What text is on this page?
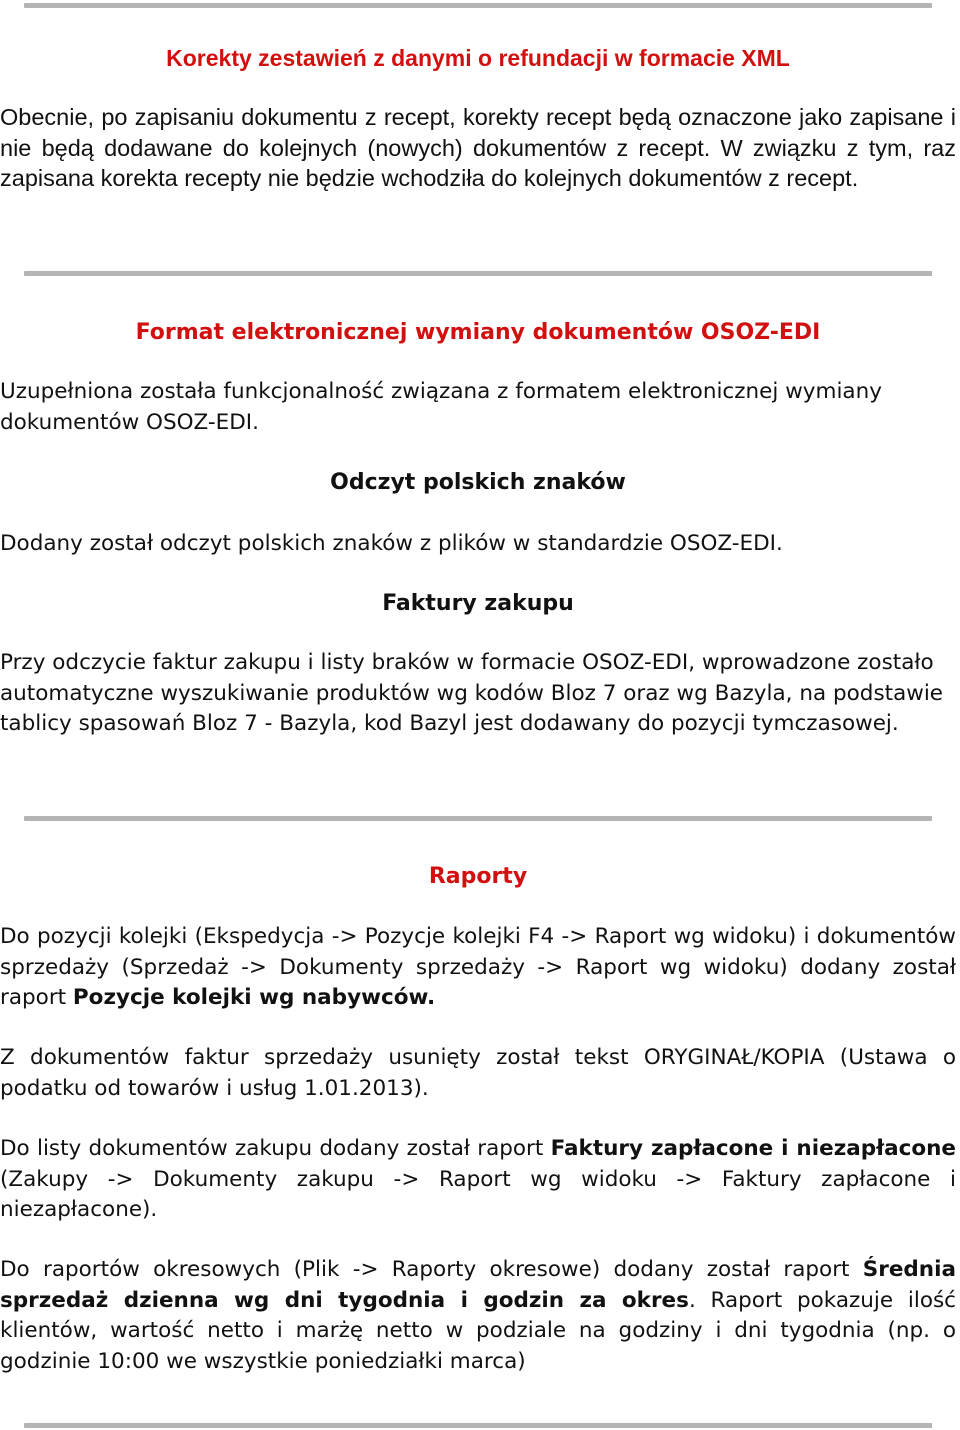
Korekty zestawień z danymi o refundacji w formacie XML

Obecnie, po zapisaniu dokumentu z recept, korekty recept będą oznaczone jako zapisane i nie będą dodawane do kolejnych (nowych) dokumentów z recept. W związku z tym, raz zapisana korekta recepty nie będzie wchodziła do kolejnych dokumentów z recept.

Format elektronicznej wymiany dokumentów OSOZ-EDI

Uzupełniona została funkcjonalność związana z formatem elektronicznej wymiany dokumentów OSOZ-EDI.

Odczyt polskich znaków

Dodany został odczyt polskich znaków z plików w standardzie OSOZ-EDI.

Faktury zakupu

Przy odczycie faktur zakupu i listy braków w formacie OSOZ-EDI, wprowadzone zostało automatyczne wyszukiwanie produktów wg kodów Bloz 7 oraz wg Bazyla, na podstawie tablicy spasowań Bloz 7 - Bazyla, kod Bazyl jest dodawany do pozycji tymczasowej.

Raporty

Do pozycji kolejki (Ekspedycja -> Pozycje kolejki F4 -> Raport wg widoku) i dokumentów sprzedaży (Sprzedaż -> Dokumenty sprzedaży -> Raport wg widoku) dodany został raport Pozycje kolejki wg nabywców.

Z dokumentów faktur sprzedaży usunięty został tekst ORYGINAŁ/KOPIA (Ustawa o podatku od towarów i usług 1.01.2013).

Do listy dokumentów zakupu dodany został raport Faktury zapłacone i niezapłacone (Zakupy -> Dokumenty zakupu -> Raport wg widoku -> Faktury zapłacone i niezapłacone).

Do raportów okresowych (Plik -> Raporty okresowe) dodany został raport Średnia sprzedaż dzienna wg dni tygodnia i godzin za okres. Raport pokazuje ilość klientów, wartość netto i marżę netto w podziale na godziny i dni tygodnia (np. o godzinie 10:00 we wszystkie poniedziałki marca)
